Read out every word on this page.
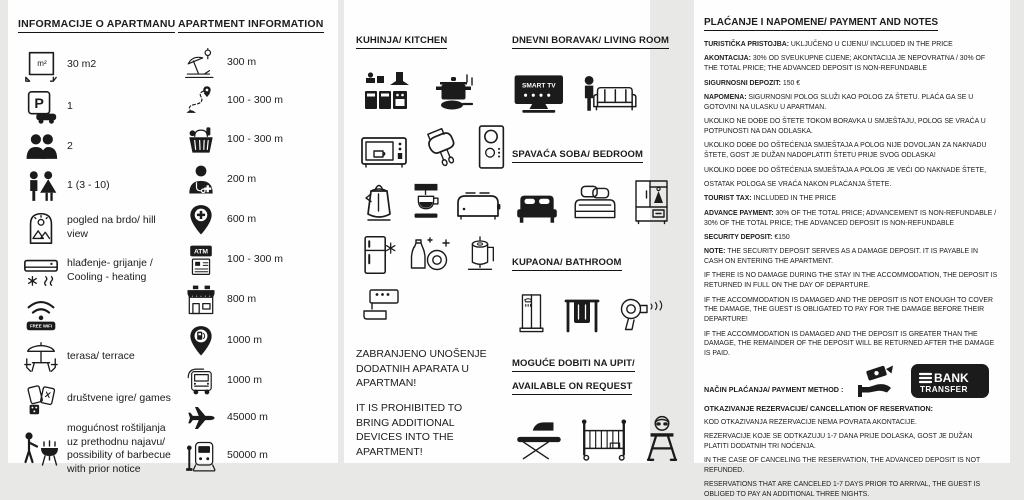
INFORMACIJE O APARTMANU
m² 30 m2
P 1
2
1 (3 - 10)
pogled na brdo/ hill view
hlađenje- grijanje / Cooling - heating
FREE WIFI
terasa/ terrace
društvene igre/ games
mogućnost roštiljanja uz prethodnu najavu/ possibility of barbecue with prior notice
APARTMENT INFORMATION
300 m
100 - 300 m
100 - 300 m
200 m
600 m
ATM
100 - 300 m
800 m
1000 m
1000 m
45000 m
50000 m
KUHINJA/ KITCHEN

ZABRANJENO UNOŠENJE DODATNIH APARATA U APARTMAN!

IT IS PROHIBITED TO BRING ADDITIONAL DEVICES INTO THE APARTMENT!

DNEVNI BORAVAK/ LIVING ROOM
SMART TV
SPAVAĆA SOBA/ BEDROOM
KUPAONA/ BATHROOM
MOGUĆE DOBITI NA UPIT/
AVAILABLE ON REQUEST
PLAĆANJE I NAPOMENE/ PAYMENT AND NOTES

TURISTIČKA PRISTOJBA: UKLJUČENO U CIJENU/ INCLUDED IN THE PRICE

AKONTACIJA: 30% OD SVEUKUPNE CIJENE; AKONTACIJA JE NEPOVRATNA / 30% OF THE TOTAL PRICE; THE ADVANCED DEPOSIT IS NON-REFUNDABLE

SIGURNOSNI DEPOZIT: 150 €

NAPOMENA: SIGURNOSNI POLOG SLUŽI KAO POLOG ZA ŠTETU. PLAĆA GA SE U GOTOVINI NA ULASKU U APARTMAN.

UKOLIKO NE DOĐE DO ŠTETE TOKOM BORAVKA U SMJEŠTAJU, POLOG SE VRAĆA U POTPUNOSTI NA DAN ODLASKA.

UKOLIKO DOĐE DO OŠTEĆENJA SMJEŠTAJA A POLOG NIJE DOVOLJAN ZA NAKNADU ŠTETE, GOST JE DUŽAN NADOPLATITI ŠTETU PRIJE SVOG ODLASKA!

UKOLIKO DOĐE DO OŠTEĆENJA SMJEŠTAJA A POLOG JE VEĆI OD NAKNADE ŠTETE,

OSTATAK POLOGA SE VRAĆA NAKON PLAĆANJA ŠTETE.

TOURIST TAX: INCLUDED IN THE PRICE

ADVANCE PAYMENT: 30% OF THE TOTAL PRICE; ADVANCEMENT IS NON-REFUNDABLE / 30% OF THE TOTAL PRICE; THE ADVANCED DEPOSIT IS NON-REFUNDABLE

SECURITY DEPOSIT: €150

NOTE: THE SECURITY DEPOSIT SERVES AS A DAMAGE DEPOSIT. IT IS PAYABLE IN CASH ON ENTERING THE APARTMENT.

IF THERE IS NO DAMAGE DURING THE STAY IN THE ACCOMMODATION, THE DEPOSIT IS RETURNED IN FULL ON THE DAY OF DEPARTURE.

IF THE ACCOMMODATION IS DAMAGED AND THE DEPOSIT IS NOT ENOUGH TO COVER THE DAMAGE, THE GUEST IS OBLIGATED TO PAY FOR THE DAMAGE BEFORE THEIR DEPARTURE!

IF THE ACCOMMODATION IS DAMAGED AND THE DEPOSIT IS GREATER THAN THE DAMAGE, THE REMAINDER OF THE DEPOSIT WILL BE RETURNED AFTER THE DAMAGE IS PAID.

NAČIN PLAĆANJA/ PAYMENT METHOD :
BANK
TRANSFER
OTKAZIVANJE REZERVACIJE/ CANCELLATION OF RESERVATION:

KOD OTKAZIVANJA REZERVACIJE NEMA POVRATA AKONTACIJE.

REZERVACIJE KOJE SE ODTKAZUJU 1-7 DANA PRIJE DOLASKA, GOST JE DUŽAN PLATITI DODATNIH TRI NOĆENJA.

IN THE CASE OF CANCELING THE RESERVATION, THE ADVANCED DEPOSIT IS NOT REFUNDED.

RESERVATIONS THAT ARE CANCELED 1-7 DAYS PRIOR TO ARRIVAL, THE GUEST IS OBLIGED TO PAY AN ADDITIONAL THREE NIGHTS.
